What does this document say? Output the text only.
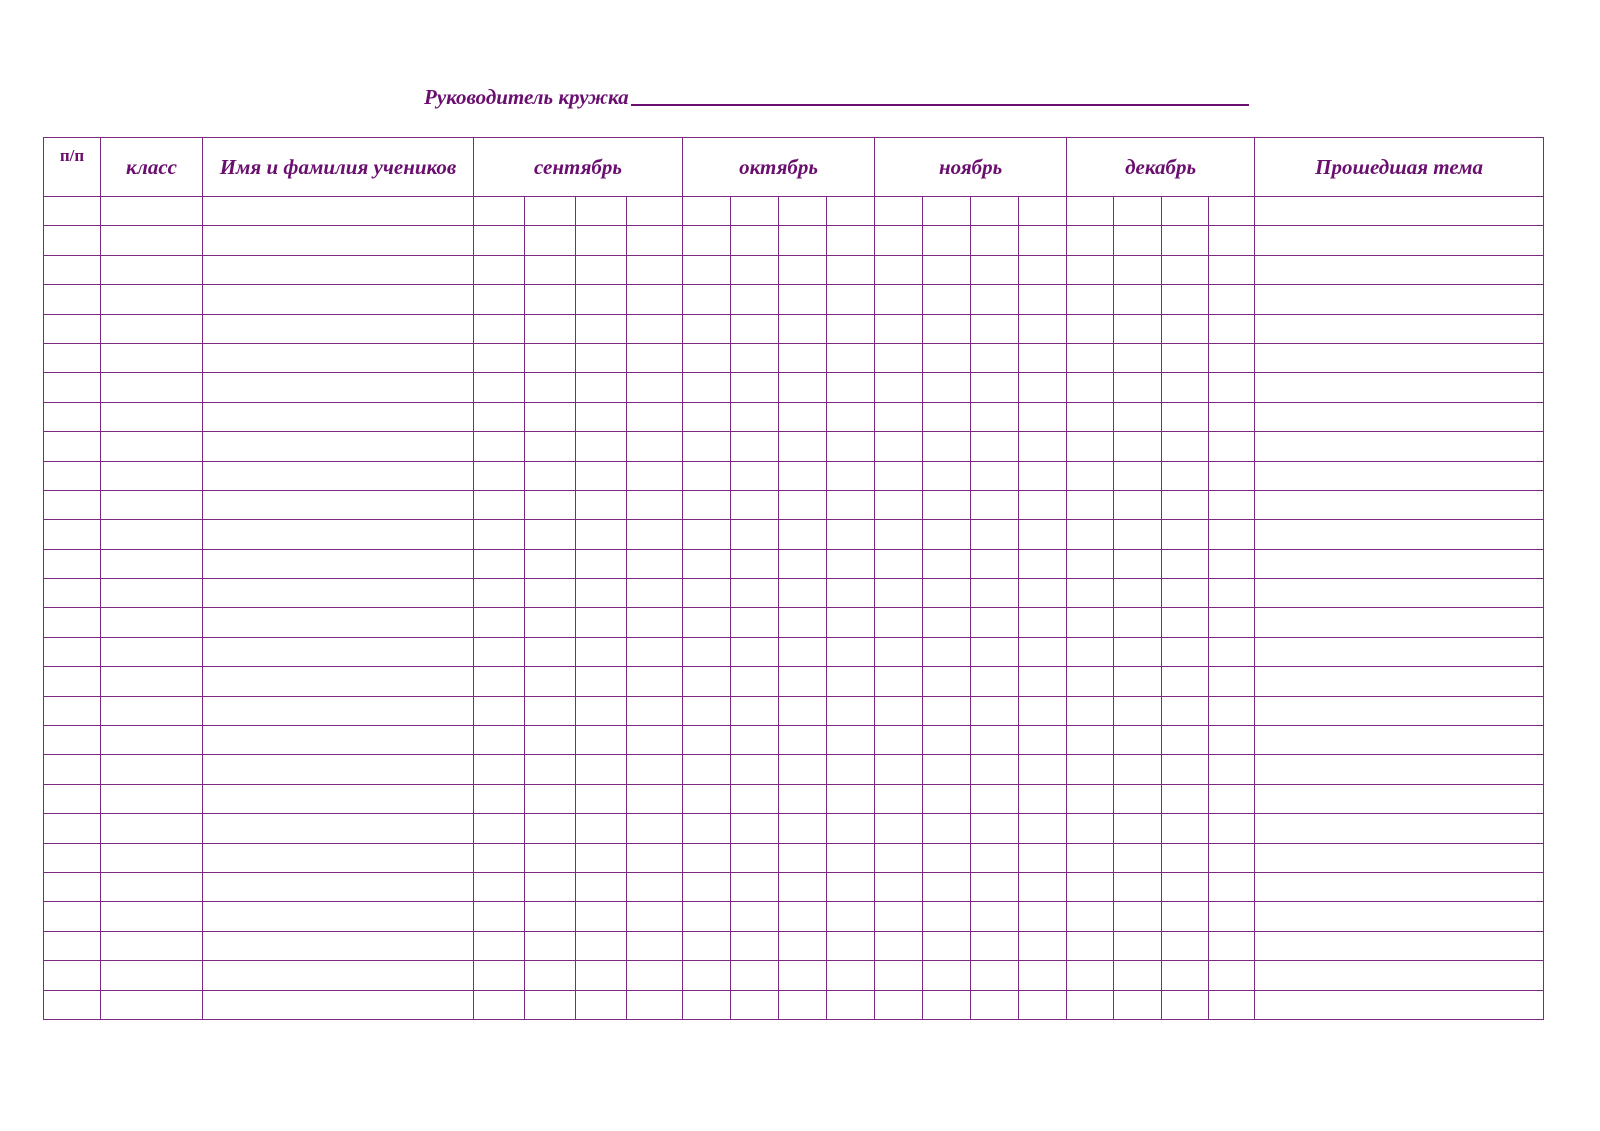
Руководитель кружка
п/п	класс	Имя и фамилия учеников	сентябрь				октябрь				ноябрь				декабрь				Прошедшая тема
